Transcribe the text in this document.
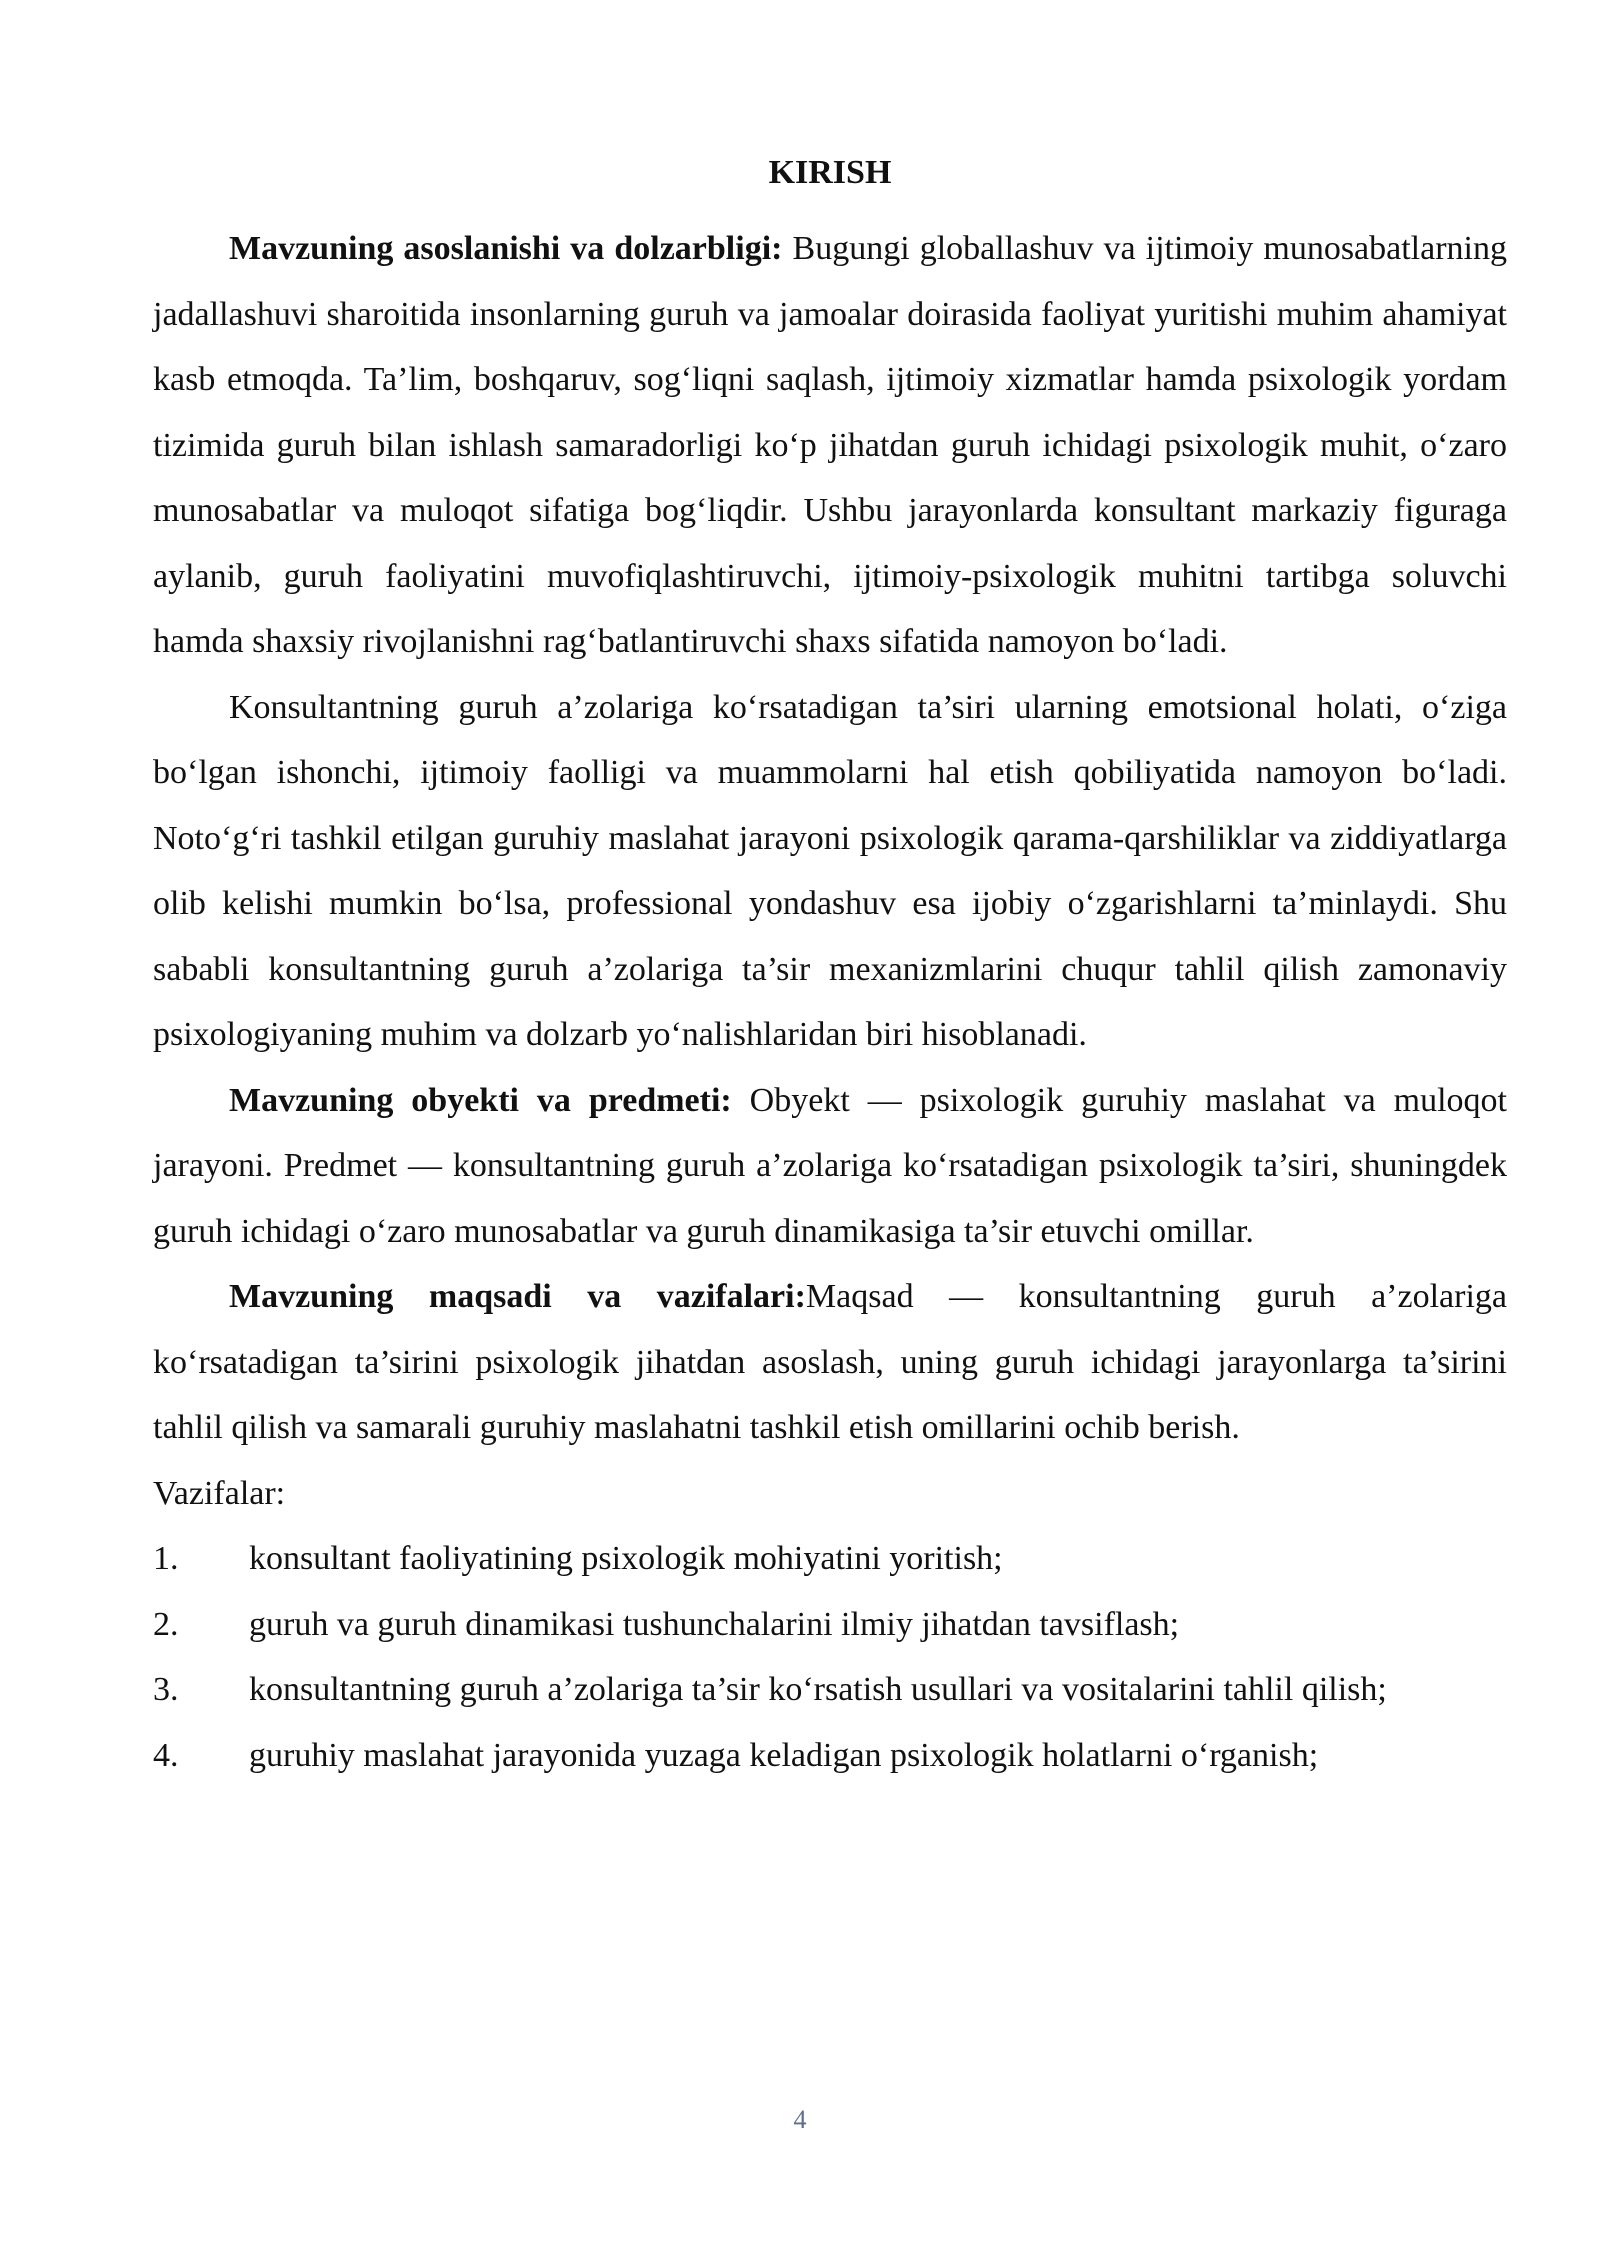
KIRISH

Mavzuning asoslanishi va dolzarbligi: Bugungi globallashuv va ijtimoiy munosabatlarning jadallashuvi sharoitida insonlarning guruh va jamoalar doirasida faoliyat yuritishi muhim ahamiyat kasb etmoqda. Ta’lim, boshqaruv, sog‘liqni saqlash, ijtimoiy xizmatlar hamda psixologik yordam tizimida guruh bilan ishlash samaradorligi ko‘p jihatdan guruh ichidagi psixologik muhit, o‘zaro munosabatlar va muloqot sifatiga bog‘liqdir. Ushbu jarayonlarda konsultant markaziy figuraga aylanib, guruh faoliyatini muvofiqlashtiruvchi, ijtimoiy-psixologik muhitni tartibga soluvchi hamda shaxsiy rivojlanishni rag‘batlantiruvchi shaxs sifatida namoyon bo‘ladi.

Konsultantning guruh a’zolariga ko‘rsatadigan ta’siri ularning emotsional holati, o‘ziga bo‘lgan ishonchi, ijtimoiy faolligi va muammolarni hal etish qobiliyatida namoyon bo‘ladi. Noto‘g‘ri tashkil etilgan guruhiy maslahat jarayoni psixologik qarama-qarshiliklar va ziddiyatlarga olib kelishi mumkin bo‘lsa, professional yondashuv esa ijobiy o‘zgarishlarni ta’minlaydi. Shu sababli konsultantning guruh a’zolariga ta’sir mexanizmlarini chuqur tahlil qilish zamonaviy psixologiyaning muhim va dolzarb yo‘nalishlaridan biri hisoblanadi.

Mavzuning obyekti va predmeti: Obyekt — psixologik guruhiy maslahat va muloqot jarayoni. Predmet — konsultantning guruh a’zolariga ko‘rsatadigan psixologik ta’siri, shuningdek guruh ichidagi o‘zaro munosabatlar va guruh dinamikasiga ta’sir etuvchi omillar.

Mavzuning maqsadi va vazifalari:Maqsad — konsultantning guruh a’zolariga ko‘rsatadigan ta’sirini psixologik jihatdan asoslash, uning guruh ichidagi jarayonlarga ta’sirini tahlil qilish va samarali guruhiy maslahatni tashkil etish omillarini ochib berish.

Vazifalar:

1. konsultant faoliyatining psixologik mohiyatini yoritish;
2. guruh va guruh dinamikasi tushunchalarini ilmiy jihatdan tavsiflash;
3. konsultantning guruh a’zolariga ta’sir ko‘rsatish usullari va vositalarini tahlil qilish;
4. guruhiy maslahat jarayonida yuzaga keladigan psixologik holatlarni o‘rganish;
4
